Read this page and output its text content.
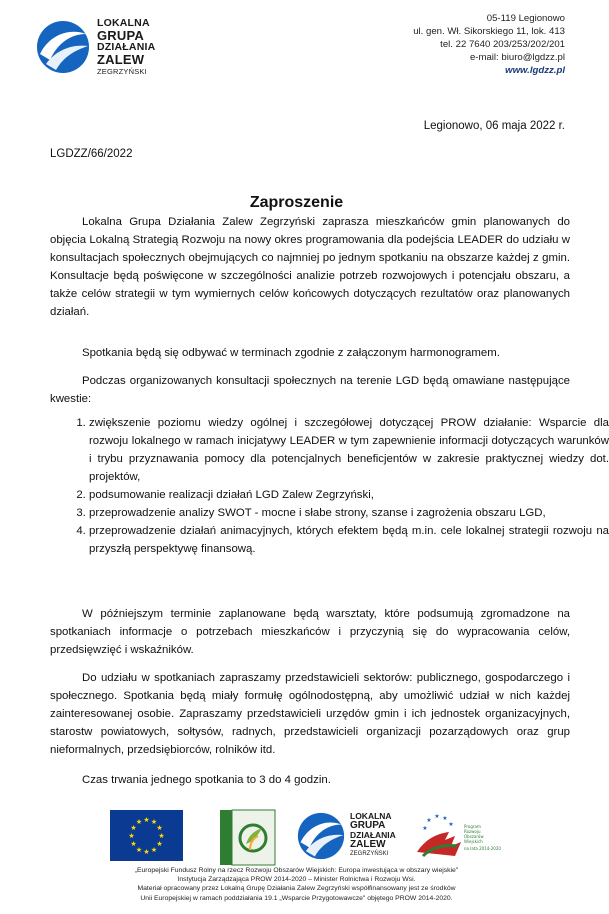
LOKALNA
GRUPA
DZIAŁANIA
ZALEW
ZEGRZYŃSKI
05-119 Legionowo
ul. gen. Wł. Sikorskiego 11, lok. 413
tel. 22 7640 203/253/202/201
e-mail: biuro@lgdzz.pl
www.lgdzz.pl
Legionowo, 06 maja 2022 r.
LGDZZ/66/2022
Zaproszenie
Lokalna Grupa Działania Zalew Zegrzyński zaprasza mieszkańców gmin planowanych do objęcia Lokalną Strategią Rozwoju na nowy okres programowania dla podejścia LEADER do udziału w konsultacjach społecznych obejmujących co najmniej po jednym spotkaniu na obszarze każdej z gmin. Konsultacje będą poświęcone w szczególności analizie potrzeb rozwojowych i potencjału obszaru, a także celów strategii w tym wymiernych celów końcowych dotyczących rezultatów oraz planowanych działań.
Spotkania będą się odbywać w terminach zgodnie z załączonym harmonogramem.
Podczas organizowanych konsultacji społecznych na terenie LGD będą omawiane następujące kwestie:
1. zwiększenie poziomu wiedzy ogólnej i szczegółowej dotyczącej PROW działanie: Wsparcie dla rozwoju lokalnego w ramach inicjatywy LEADER w tym zapewnienie informacji dotyczących warunków i trybu przyznawania pomocy dla potencjalnych beneficjentów w zakresie praktycznej wiedzy dot. projektów,
2. podsumowanie realizacji działań LGD Zalew Zegrzyński,
3. przeprowadzenie analizy SWOT - mocne i słabe strony, szanse i zagrożenia obszaru LGD,
4. przeprowadzenie działań animacyjnych, których efektem będą m.in. cele lokalnej strategii rozwoju na przyszłą perspektywę finansową.
W późniejszym terminie zaplanowane będą warsztaty, które podsumują zgromadzone na spotkaniach informacje o potrzebach mieszkańców i przyczynią się do wypracowania celów, przedsięwzięć i wskaźników.
Do udziału w spotkaniach zapraszamy przedstawicieli sektorów: publicznego, gospodarczego i społecznego. Spotkania będą miały formułę ogólnodostępną, aby umożliwić udział w nich każdej zainteresowanej osobie. Zapraszamy przedstawicieli urzędów gmin i ich jednostek organizacyjnych, starostw powiatowych, sołtysów, radnych, przedstawicieli organizacji pozarządowych oraz grup nieformalnych, przedsiębiorców, rolników itd.
Czas trwania jednego spotkania to 3 do 4 godzin.
★ ★
★
★
★
★
★
★
★
★
★
★
LOKALNA
GRUPA
DZIAŁANIA
ZALEW
ZEGRZYŃSKI
★
★ ★
★
★	Program
Rozwoju
Obszarów
Wiejskich
na lata 2014-2020
„Europejski Fundusz Rolny na rzecz Rozwoju Obszarów Wiejskich: Europa inwestująca w obszary wiejskie"
Instytucja Zarządzająca PROW 2014-2020 – Minister Rolnictwa i Rozwoju Wsi.
Materiał opracowany przez Lokalną Grupę Działania Zalew Zegrzyński współfinansowany jest ze środków
Unii Europejskiej w ramach poddziałania 19.1 „Wsparcie Przygotowawcze" objętego PROW 2014-2020.
